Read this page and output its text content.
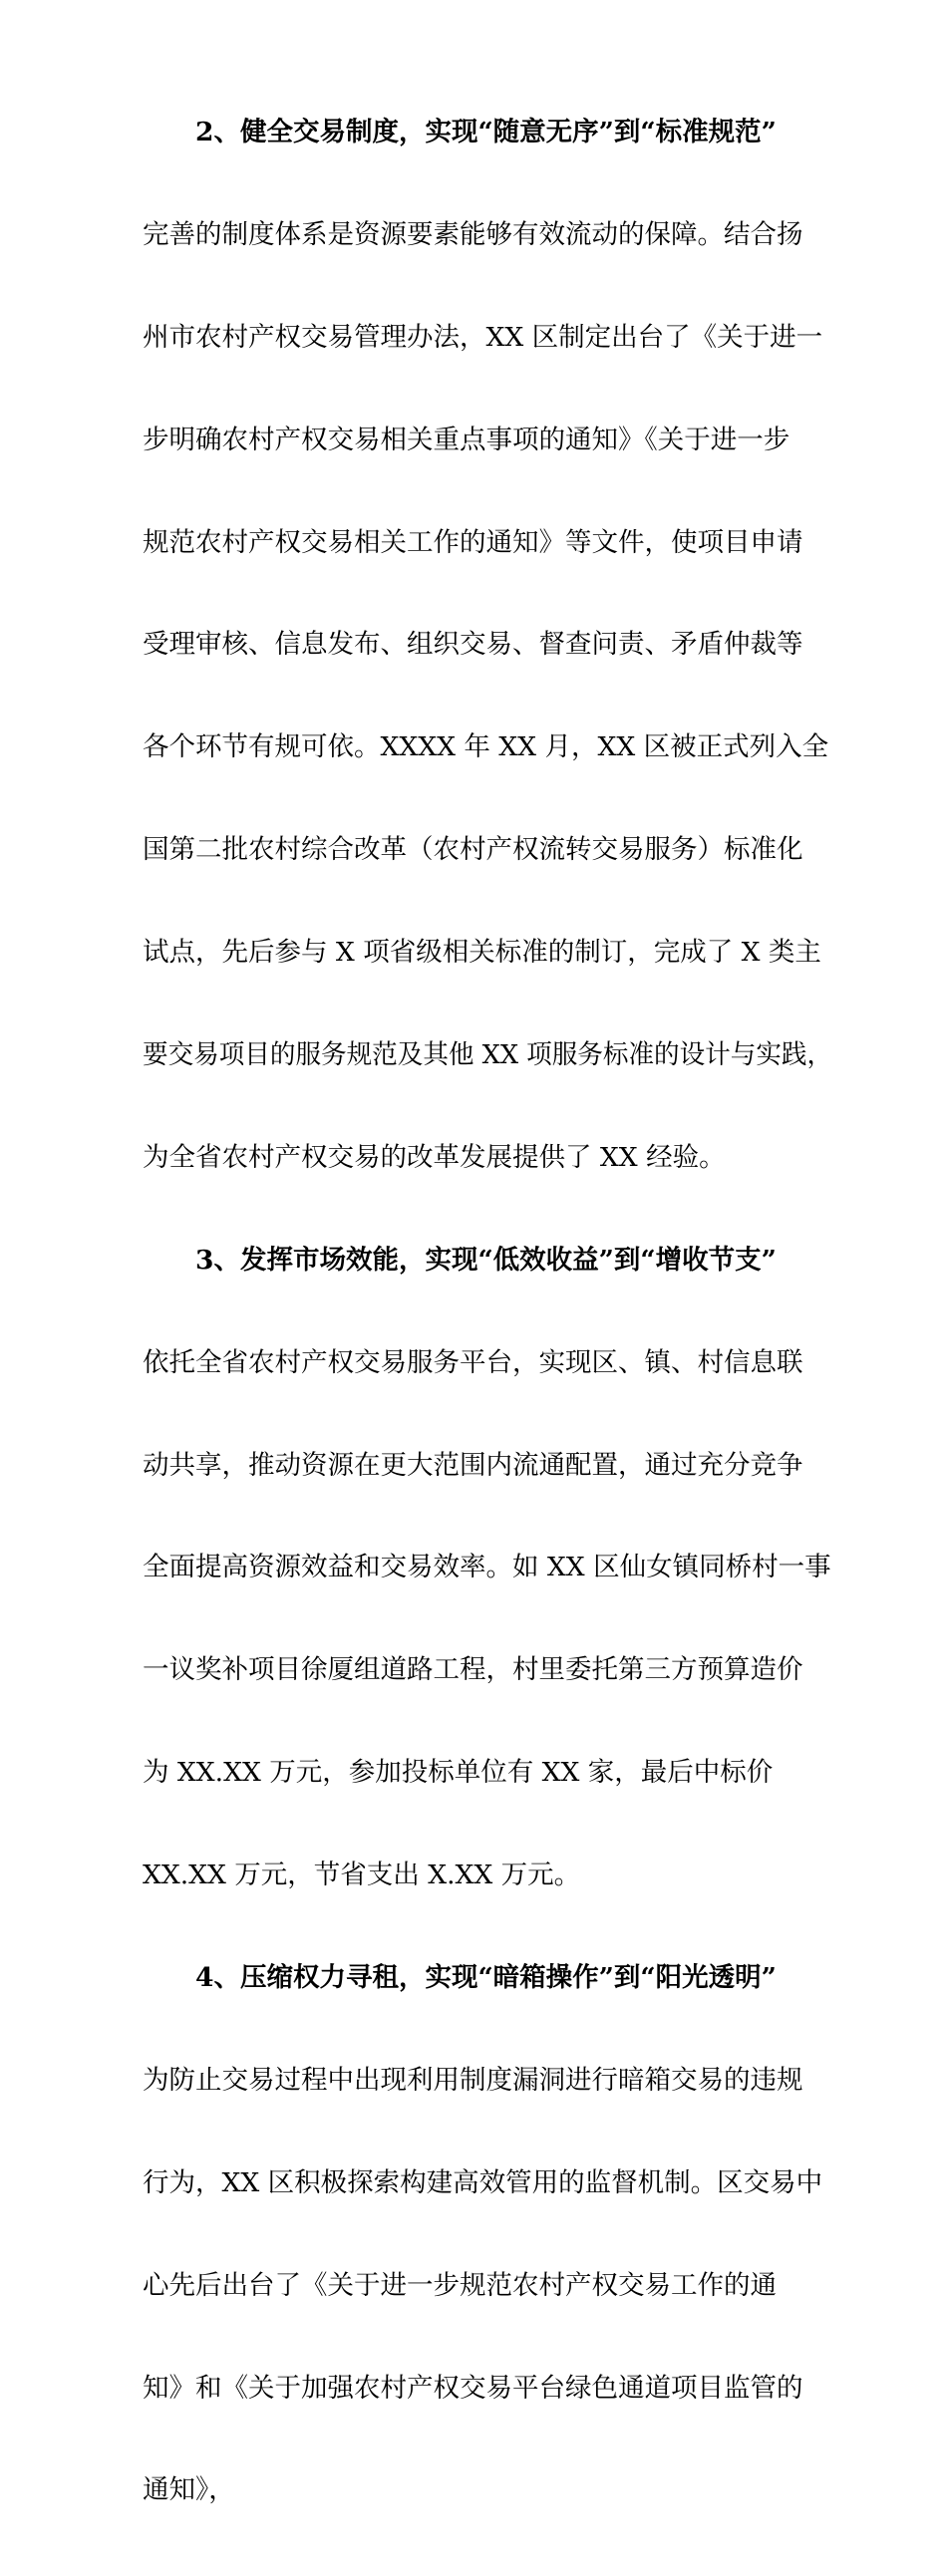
2、健全交易制度，实现“随意无序”到“标准规范”

完善的制度体系是资源要素能够有效流动的保障。结合扬

州市农村产权交易管理办法，XX 区制定出台了《关于进一

步明确农村产权交易相关重点事项的通知》《关于进一步

规范农村产权交易相关工作的通知》等文件，使项目申请

受理审核、信息发布、组织交易、督查问责、矛盾仲裁等

各个环节有规可依。XXXX 年 XX 月，XX 区被正式列入全

国第二批农村综合改革（农村产权流转交易服务）标准化

试点，先后参与 X 项省级相关标准的制订，完成了 X 类主

要交易项目的服务规范及其他 XX 项服务标准的设计与实践，

为全省农村产权交易的改革发展提供了 XX 经验。

3、发挥市场效能，实现“低效收益”到“增收节支”

依托全省农村产权交易服务平台，实现区、镇、村信息联

动共享，推动资源在更大范围内流通配置，通过充分竞争

全面提高资源效益和交易效率。如 XX 区仙女镇同桥村一事

一议奖补项目徐厦组道路工程，村里委托第三方预算造价

为 XX.XX 万元，参加投标单位有 XX 家，最后中标价

XX.XX 万元，节省支出 X.XX 万元。

4、压缩权力寻租，实现“暗箱操作”到“阳光透明”

为防止交易过程中出现利用制度漏洞进行暗箱交易的违规

行为，XX 区积极探索构建高效管用的监督机制。区交易中

心先后出台了《关于进一步规范农村产权交易工作的通

知》和《关于加强农村产权交易平台绿色通道项目监管的

通知》，
